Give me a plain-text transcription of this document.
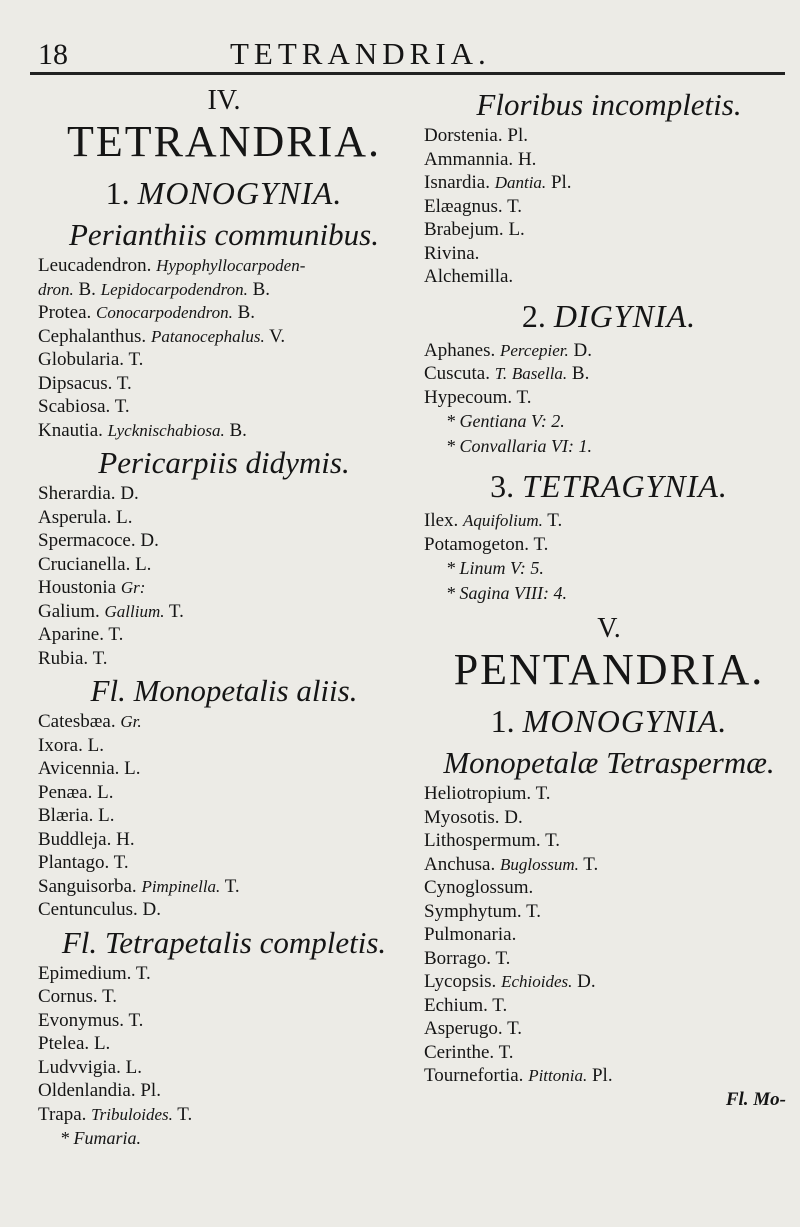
18	TETRANDRIA.
IV.
TETRANDRIA.
1. MONOGYNIA.
Perianthiis communibus.
Leucadendron. Hypophyllocarpoden-
dron. B. Lepidocarpodendron. B.
Protea. Conocarpodendron. B.
Cephalanthus. Patanocephalus. V.
Globularia. T.
Dipsacus. T.
Scabiosa. T.
Knautia. Lycknischabiosa. B.
Pericarpiis didymis.
Sherardia. D.
Asperula. L.
Spermacoce. D.
Crucianella. L.
Houstonia Gr:
Galium. Gallium. T.
Aparine. T.
Rubia. T.
Fl. Monopetalis aliis.
Catesbæa. Gr.
Ixora. L.
Avicennia. L.
Penæa. L.
Blæria. L.
Buddleja. H.
Plantago. T.
Sanguisorba. Pimpinella. T.
Centunculus. D.
Fl. Tetrapetalis completis.
Epimedium. T.
Cornus. T.
Evonymus. T.
Ptelea. L.
Ludvvigia. L.
Oldenlandia. Pl.
Trapa. Tribuloides. T.
* Fumaria.
Floribus incompletis.
Dorstenia. Pl.
Ammannia. H.
Isnardia. Dantia. Pl.
Elæagnus. T.
Brabejum. L.
Rivina.
Alchemilla.
2. DIGYNIA.
Aphanes. Percepier. D.
Cuscuta. T. Basella. B.
Hypecoum. T.
* Gentiana V: 2.
* Convallaria VI: 1.
3. TETRAGYNIA.
Ilex. Aquifolium. T.
Potamogeton. T.
* Linum V: 5.
* Sagina VIII: 4.
V.
PENTANDRIA.
1. MONOGYNIA.
Monopetalæ Tetraspermæ.
Heliotropium. T.
Myosotis. D.
Lithospermum. T.
Anchusa. Buglossum. T.
Cynoglossum.
Symphytum. T.
Pulmonaria.
Borrago. T.
Lycopsis. Echioides. D.
Echium. T.
Asperugo. T.
Cerinthe. T.
Tournefortia. Pittonia. Pl.
Fl. Mo-
